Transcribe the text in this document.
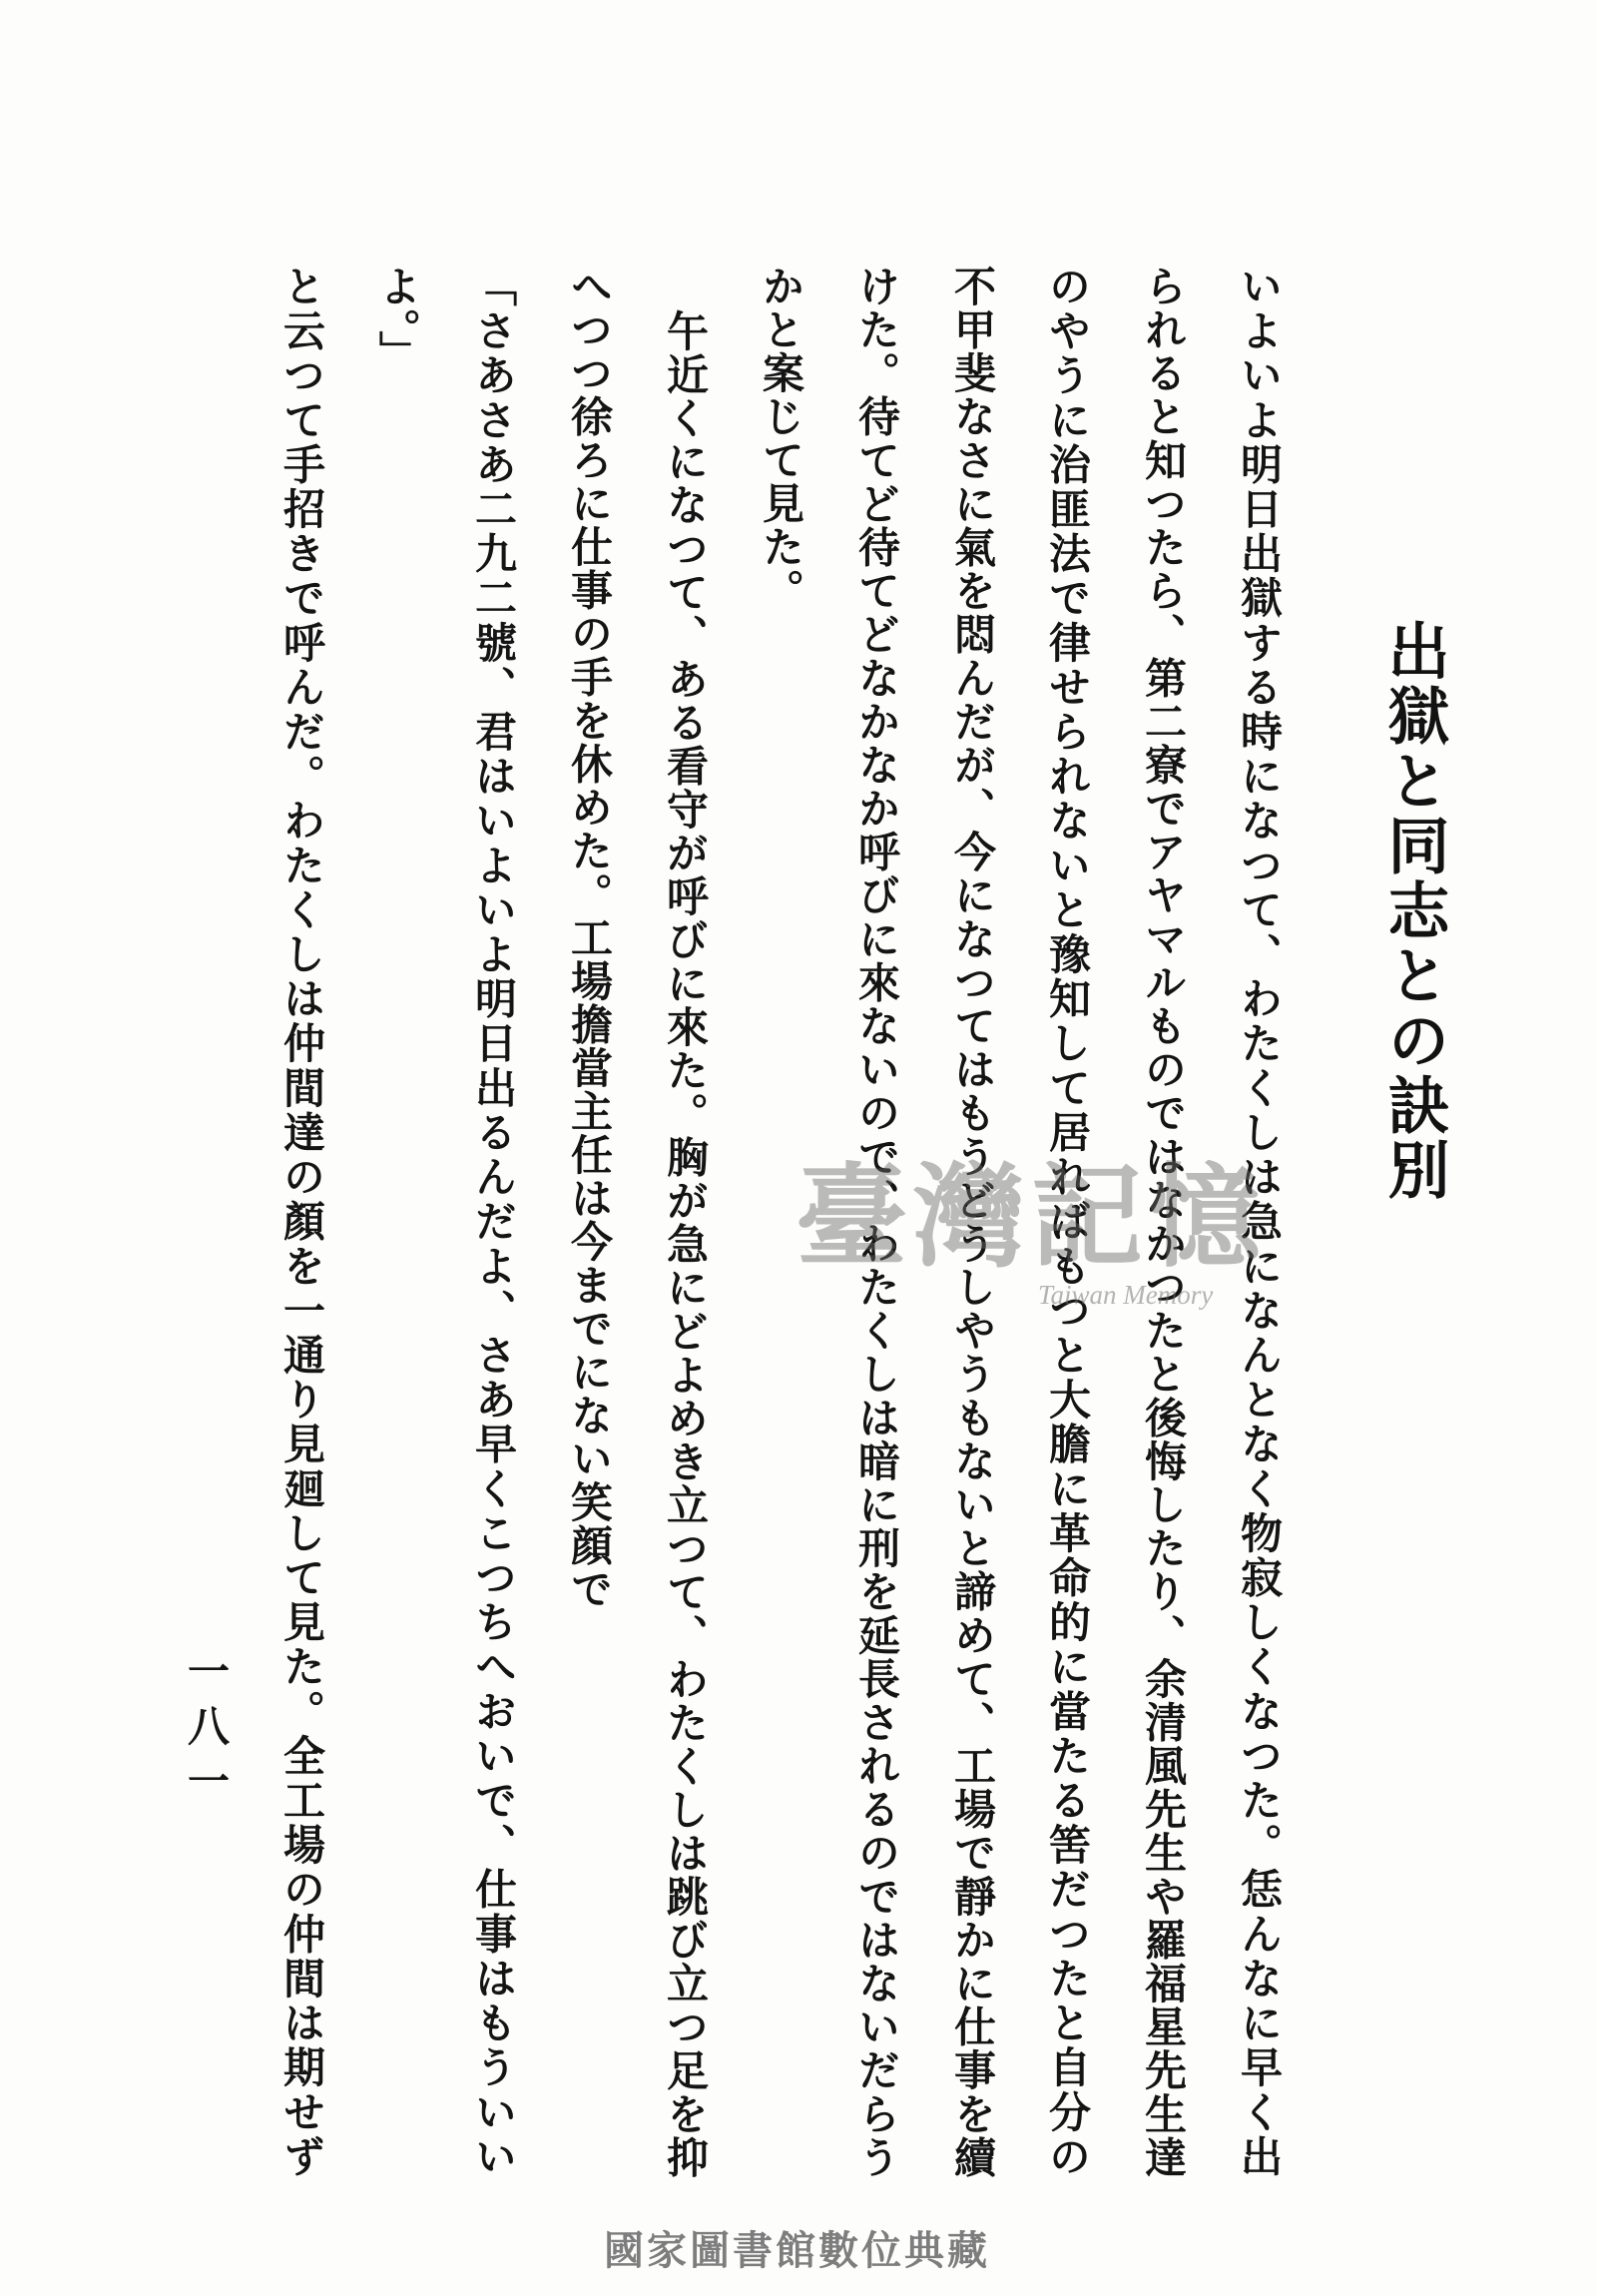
出獄と同志との訣別
いよいよ明日出獄する時になつて、わたくしは急になんとなく物寂しくなつた。恁んなに早く出
られると知つたら、第二寮でアヤマルものではなかつたと後悔したり、余清風先生や羅福星先生達
のやうに治匪法で律せられないと豫知して居ればもつと大膽に革命的に當たる筈だつたと自分の
不甲斐なさに氣を悶んだが、今になつてはもうどうしやうもないと諦めて、工場で靜かに仕事を續
けた。待てど待てどなかなか呼びに來ないので、わたくしは暗に刑を延長されるのではないだらう
かと案じて見た。
午近くになつて、ある看守が呼びに來た。胸が急にどよめき立つて、わたくしは跳び立つ足を抑
へつつ徐ろに仕事の手を休めた。工場擔當主任は今までにない笑顔で
「さあさあ二九二號、君はいよいよ明日出るんだよ、さあ早くこつちへおいで、仕事はもういい
よ。」
と云つて手招きで呼んだ。わたくしは仲間達の顏を一通り見廻して見た。全工場の仲間は期せず
一八一
臺灣記憶
Taiwan Memory
國家圖書館數位典藏
